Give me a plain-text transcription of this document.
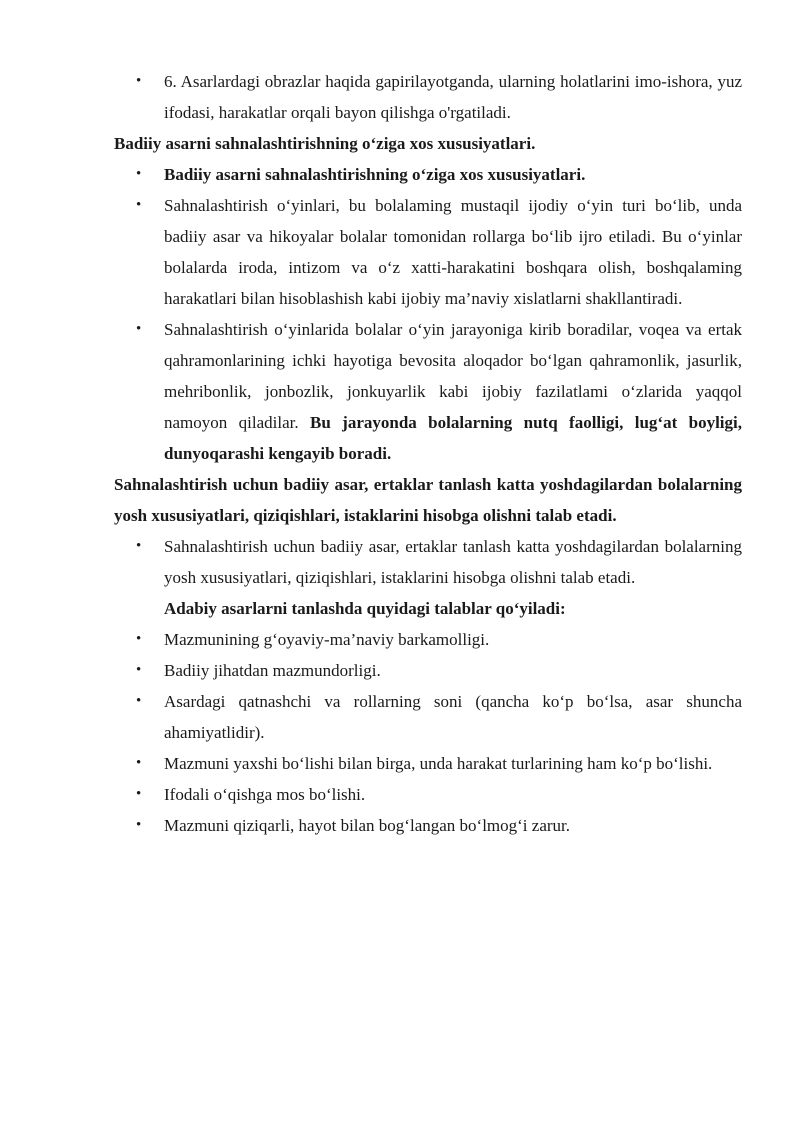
• 6. Asarlardagi obrazlar haqida gapirilayotganda, ularning holatlarini imo-ishora, yuz ifodasi, harakatlar orqali bayon qilishga o'rgatiladi.

Badiiy asarni sahnalashtirishning o‘ziga xos xususiyatlari.

• Badiiy asarni sahnalashtirishning o‘ziga xos xususiyatlari.
• Sahnalashtirish o‘yinlari, bu bolalaming mustaqil ijodiy o‘yin turi bo‘lib, unda badiiy asar va hikoyalar bolalar tomonidan rollarga bo‘lib ijro etiladi. Bu o‘yinlar bolalarda iroda, intizom va o‘z xatti-harakatini boshqara olish, boshqalaming harakatlari bilan hisoblashish kabi ijobiy ma’naviy xislatlarni shakllantiradi.
• Sahnalashtirish o‘yinlarida bolalar o‘yin jarayoniga kirib boradilar, voqea va ertak qahramonlarining ichki hayotiga bevosita aloqador bo‘lgan qahramonlik, jasurlik, mehribonlik, jonbozlik, jonkuyarlik kabi ijobiy fazilatlami o‘zlarida yaqqol namoyon qiladilar. Bu jarayonda bolalarning nutq faolligi, lug‘at boyligi, dunyoqarashi kengayib boradi.

Sahnalashtirish uchun badiiy asar, ertaklar tanlash katta yoshdagilardan bolalarning yosh xususiyatlari, qiziqishlari, istaklarini hisobga olishni talab etadi.

• Sahnalashtirish uchun badiiy asar, ertaklar tanlash katta yoshdagilardan bolalarning yosh xususiyatlari, qiziqishlari, istaklarini hisobga olishni talab etadi.

Adabiy asarlarni tanlashda quyidagi talablar qo‘yiladi:

• Mazmunining g‘oyaviy-ma’naviy barkamolligi.
• Badiiy jihatdan mazmundorligi.
• Asardagi qatnashchi va rollarning soni (qancha ko‘p bo‘lsa, asar shuncha ahamiyatlidir).
• Mazmuni yaxshi bo‘lishi bilan birga, unda harakat turlarining ham ko‘p bo‘lishi.
• Ifodali o‘qishga mos bo‘lishi.
• Mazmuni qiziqarli, hayot bilan bog‘langan bo‘lmog‘i zarur.
